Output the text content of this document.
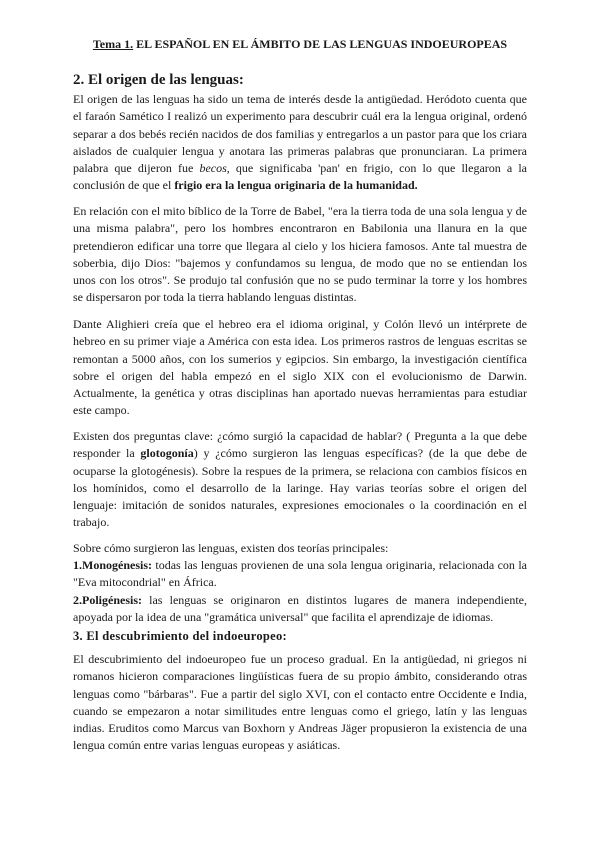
Tema 1. EL ESPAÑOL EN EL ÁMBITO DE LAS LENGUAS INDOEUROPEAS
2. El origen de las lenguas:

El origen de las lenguas ha sido un tema de interés desde la antigüedad. Heródoto cuenta que el faraón Samético I realizó un experimento para descubrir cuál era la lengua original, ordenó separar a dos bebés recién nacidos de dos familias y entregarlos a un pastor para que los criara aislados de cualquier lengua y anotara las primeras palabras que pronunciaran. La primera palabra que dijeron fue becos, que significaba 'pan' en frigio, con lo que llegaron a la conclusión de que el frigio era la lengua originaria de la humanidad.

En relación con el mito bíblico de la Torre de Babel, "era la tierra toda de una sola lengua y de una misma palabra", pero los hombres encontraron en Babilonia una llanura en la que pretendieron edificar una torre que llegara al cielo y los hiciera famosos. Ante tal muestra de soberbia, dijo Dios: "bajemos y confundamos su lengua, de modo que no se entiendan los unos con los otros". Se produjo tal confusión que no se pudo terminar la torre y los hombres se dispersaron por toda la tierra hablando lenguas distintas.

Dante Alighieri creía que el hebreo era el idioma original, y Colón llevó un intérprete de hebreo en su primer viaje a América con esta idea. Los primeros rastros de lenguas escritas se remontan a 5000 años, con los sumerios y egipcios. Sin embargo, la investigación científica sobre el origen del habla empezó en el siglo XIX con el evolucionismo de Darwin. Actualmente, la genética y otras disciplinas han aportado nuevas herramientas para estudiar este campo.

Existen dos preguntas clave: ¿cómo surgió la capacidad de hablar? ( Pregunta a la que debe responder la glotogonía) y ¿cómo surgieron las lenguas específicas? (de la que debe de ocuparse la glotogénesis). Sobre la respues de la primera, se relaciona con cambios físicos en los homínidos, como el desarrollo de la laringe. Hay varias teorías sobre el origen del lenguaje: imitación de sonidos naturales, expresiones emocionales o la coordinación en el trabajo.

Sobre cómo surgieron las lenguas, existen dos teorías principales:

1.Monogénesis: todas las lenguas provienen de una sola lengua originaria, relacionada con la "Eva mitocondrial" en África.

2.Poligénesis: las lenguas se originaron en distintos lugares de manera independiente, apoyada por la idea de una "gramática universal" que facilita el aprendizaje de idiomas.

3. El descubrimiento del indoeuropeo:

El descubrimiento del indoeuropeo fue un proceso gradual. En la antigüedad, ni griegos ni romanos hicieron comparaciones lingüísticas fuera de su propio ámbito, considerando otras lenguas como "bárbaras". Fue a partir del siglo XVI, con el contacto entre Occidente e India, cuando se empezaron a notar similitudes entre lenguas como el griego, latín y las lenguas indias. Eruditos como Marcus van Boxhorn y Andreas Jäger propusieron la existencia de una lengua común entre varias lenguas europeas y asiáticas.
